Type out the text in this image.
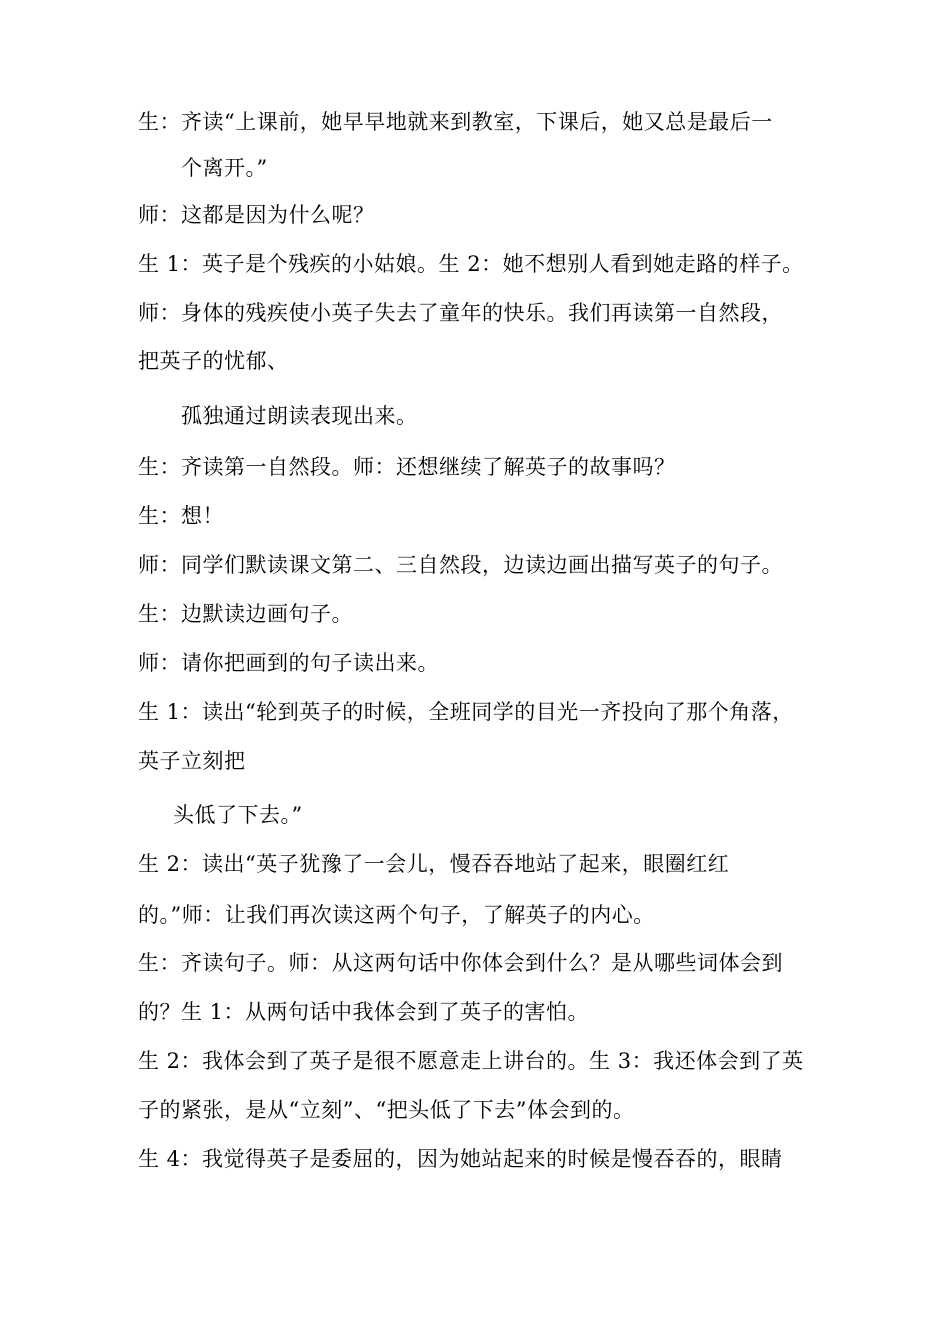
生：齐读“上课前，她早早地就来到教室，下课后，她又总是最后一
个离开。”
师：这都是因为什么呢？
生 1：英子是个残疾的小姑娘。生 2：她不想别人看到她走路的样子。
师：身体的残疾使小英子失去了童年的快乐。我们再读第一自然段，
把英子的忧郁、
孤独通过朗读表现出来。
生：齐读第一自然段。师：还想继续了解英子的故事吗？
生：想！
师：同学们默读课文第二、三自然段，边读边画出描写英子的句子。
生：边默读边画句子。
师：请你把画到的句子读出来。
生 1：读出“轮到英子的时候，全班同学的目光一齐投向了那个角落，
英子立刻把
头低了下去。”
生 2：读出“英子犹豫了一会儿，慢吞吞地站了起来，眼圈红红
的。”师：让我们再次读这两个句子，了解英子的内心。
生：齐读句子。师：从这两句话中你体会到什么？是从哪些词体会到
的？生 1：从两句话中我体会到了英子的害怕。
生 2：我体会到了英子是很不愿意走上讲台的。生 3：我还体会到了英
子的紧张，是从“立刻”、“把头低了下去”体会到的。
生 4：我觉得英子是委屈的，因为她站起来的时候是慢吞吞的，眼睛
